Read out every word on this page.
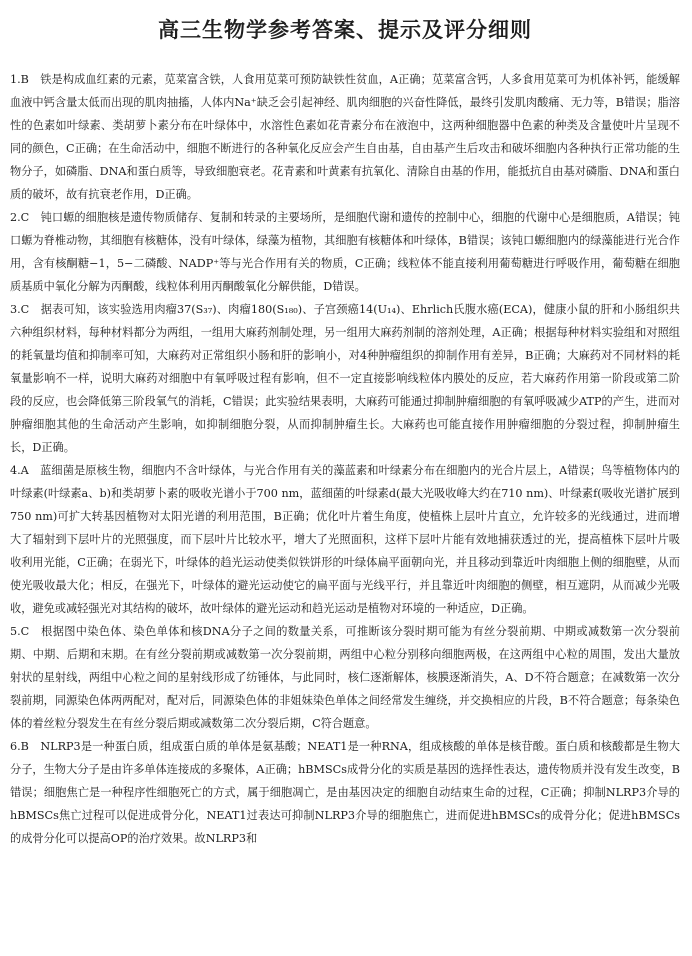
高三生物学参考答案、提示及评分细则

1.B　铁是构成血红素的元素，苋菜富含铁，人食用苋菜可预防缺铁性贫血，A正确；苋菜富含钙，人多食用苋菜可为机体补钙，能缓解血液中钙含量太低而出现的肌肉抽搐，人体内Na⁺缺乏会引起神经、肌肉细胞的兴奋性降低，最终引发肌肉酸痛、无力等，B错误；脂溶性的色素如叶绿素、类胡萝卜素分布在叶绿体中，水溶性色素如花青素分布在液泡中，这两种细胞器中色素的种类及含量使叶片呈现不同的颜色，C正确；在生命活动中，细胞不断进行的各种氧化反应会产生自由基，自由基产生后攻击和破坏细胞内各种执行正常功能的生物分子，如磷脂、DNA和蛋白质等，导致细胞衰老。花青素和叶黄素有抗氧化、清除自由基的作用，能抵抗自由基对磷脂、DNA和蛋白质的破坏，故有抗衰老作用，D正确。

2.C　钝口螈的细胞核是遗传物质储存、复制和转录的主要场所，是细胞代谢和遗传的控制中心，细胞的代谢中心是细胞质，A错误；钝口螈为脊椎动物，其细胞有核糖体，没有叶绿体，绿藻为植物，其细胞有核糖体和叶绿体，B错误；该钝口螈细胞内的绿藻能进行光合作用，含有核酮糖−1，5−二磷酸、NADP⁺等与光合作用有关的物质，C正确；线粒体不能直接利用葡萄糖进行呼吸作用，葡萄糖在细胞质基质中氧化分解为丙酮酸，线粒体利用丙酮酸氧化分解供能，D错误。

3.C　据表可知，该实验选用肉瘤37(S₃₇)、肉瘤180(S₁₈₀)、子宫颈癌14(U₁₄)、Ehrlich氏腹水癌(ECA)，健康小鼠的肝和小肠组织共六种组织材料，每种材料都分为两组，一组用大麻药剂制处理，另一组用大麻药剂制的溶剂处理，A正确；根据每种材料实验组和对照组的耗氧量均值和抑制率可知，大麻药对正常组织小肠和肝的影响小，对4种肿瘤组织的抑制作用有差异，B正确；大麻药对不同材料的耗氧量影响不一样，说明大麻药对细胞中有氧呼吸过程有影响，但不一定直接影响线粒体内膜处的反应，若大麻药作用第一阶段或第二阶段的反应，也会降低第三阶段氧气的消耗，C错误；此实验结果表明，大麻药可能通过抑制肿瘤细胞的有氧呼吸减少ATP的产生，进而对肿瘤细胞其他的生命活动产生影响，如抑制细胞分裂，从而抑制肿瘤生长。大麻药也可能直接作用肿瘤细胞的分裂过程，抑制肿瘤生长，D正确。

4.A　蓝细菌是原核生物，细胞内不含叶绿体，与光合作用有关的藻蓝素和叶绿素分布在细胞内的光合片层上，A错误；鸟等植物体内的叶绿素(叶绿素a、b)和类胡萝卜素的吸收光谱小于700 nm，蓝细菌的叶绿素d(最大光吸收峰大约在710 nm)、叶绿素f(吸收光谱扩展到750 nm)可扩大转基因植物对太阳光谱的利用范围，B正确；优化叶片着生角度，使植株上层叶片直立，允许较多的光线通过，进而增大了辐射到下层叶片的光照强度，而下层叶片比较水平，增大了光照面积，这样下层叶片能有效地捕获透过的光，提高植株下层叶片吸收利用光能，C正确；在弱光下，叶绿体的趋光运动使类似铁饼形的叶绿体扁平面朝向光，并且移动到靠近叶肉细胞上侧的细胞壁，从而使光吸收最大化；相反，在强光下，叶绿体的避光运动使它的扁平面与光线平行，并且靠近叶肉细胞的侧壁，相互遮阴，从而减少光吸收，避免或减轻强光对其结构的破坏，故叶绿体的避光运动和趋光运动是植物对环境的一种适应，D正确。

5.C　根据图中染色体、染色单体和核DNA分子之间的数量关系，可推断该分裂时期可能为有丝分裂前期、中期或减数第一次分裂前期、中期、后期和末期。在有丝分裂前期或减数第一次分裂前期，两组中心粒分别移向细胞两极，在这两组中心粒的周围，发出大量放射状的星射线，两组中心粒之间的星射线形成了纺锤体，与此同时，核仁逐渐解体，核膜逐渐消失，A、D不符合题意；在减数第一次分裂前期，同源染色体两两配对，配对后，同源染色体的非姐妹染色单体之间经常发生缠绕，并交换相应的片段，B不符合题意；每条染色体的着丝粒分裂发生在有丝分裂后期或减数第二次分裂后期，C符合题意。

6.B　NLRP3是一种蛋白质，组成蛋白质的单体是氨基酸；NEAT1是一种RNA，组成核酸的单体是核苷酸。蛋白质和核酸都是生物大分子，生物大分子是由许多单体连接成的多聚体，A正确；hBMSCs成骨分化的实质是基因的选择性表达，遗传物质并没有发生改变，B错误；细胞焦亡是一种程序性细胞死亡的方式，属于细胞凋亡，是由基因决定的细胞自动结束生命的过程，C正确；抑制NLRP3介导的hBMSCs焦亡过程可以促进成骨分化，NEAT1过表达可抑制NLRP3介导的细胞焦亡，进而促进hBMSCs的成骨分化；促进hBMSCs的成骨分化可以提高OP的治疗效果。故NLRP3和
